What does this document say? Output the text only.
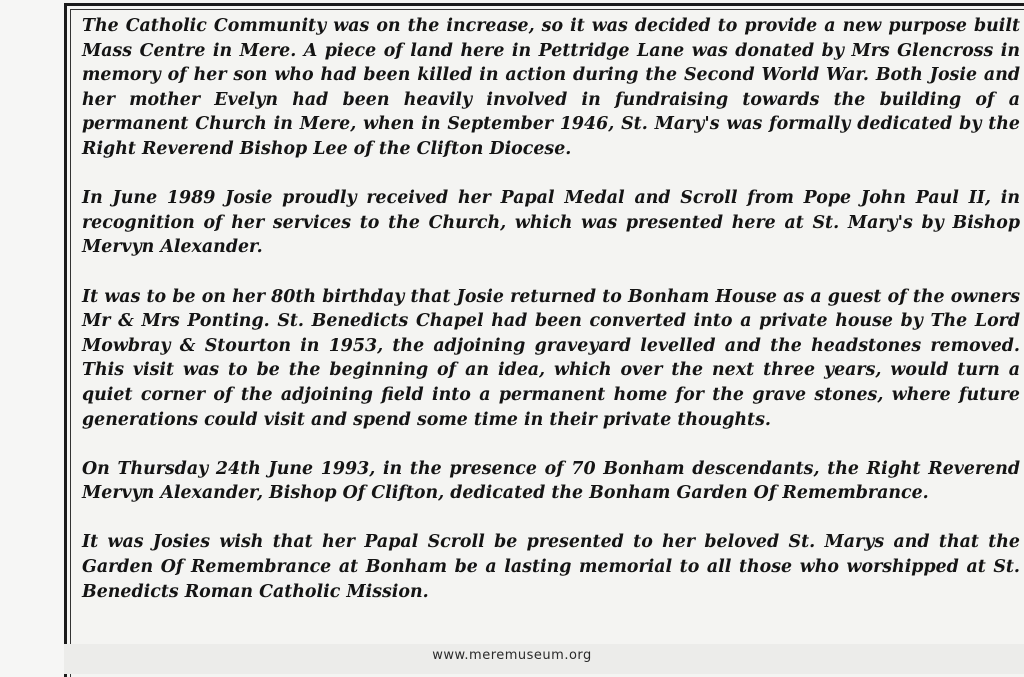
The Catholic Community was on the increase, so it was decided to provide a new purpose built Mass Centre in Mere. A piece of land here in Pettridge Lane was donated by Mrs Glencross in memory of her son who had been killed in action during the Second World War. Both Josie and her mother Evelyn had been heavily involved in fundraising towards the building of a permanent Church in Mere, when in September 1946, St. Mary's was formally dedicated by the Right Reverend Bishop Lee of the Clifton Diocese.

In June 1989 Josie proudly received her Papal Medal and Scroll from Pope John Paul II, in recognition of her services to the Church, which was presented here at St. Mary's by Bishop Mervyn Alexander.

It was to be on her 80th birthday that Josie returned to Bonham House as a guest of the owners Mr & Mrs Ponting. St. Benedicts Chapel had been converted into a private house by The Lord Mowbray & Stourton in 1953, the adjoining graveyard levelled and the headstones removed. This visit was to be the beginning of an idea, which over the next three years, would turn a quiet corner of the adjoining field into a permanent home for the grave stones, where future generations could visit and spend some time in their private thoughts.

On Thursday 24th June 1993, in the presence of 70 Bonham descendants, the Right Reverend Mervyn Alexander, Bishop Of Clifton, dedicated the Bonham Garden Of Remembrance.

It was Josies wish that her Papal Scroll be presented to her beloved St. Marys and that the Garden Of Remembrance at Bonham be a lasting memorial to all those who worshipped at St. Benedicts Roman Catholic Mission.

www.meremuseum.org
